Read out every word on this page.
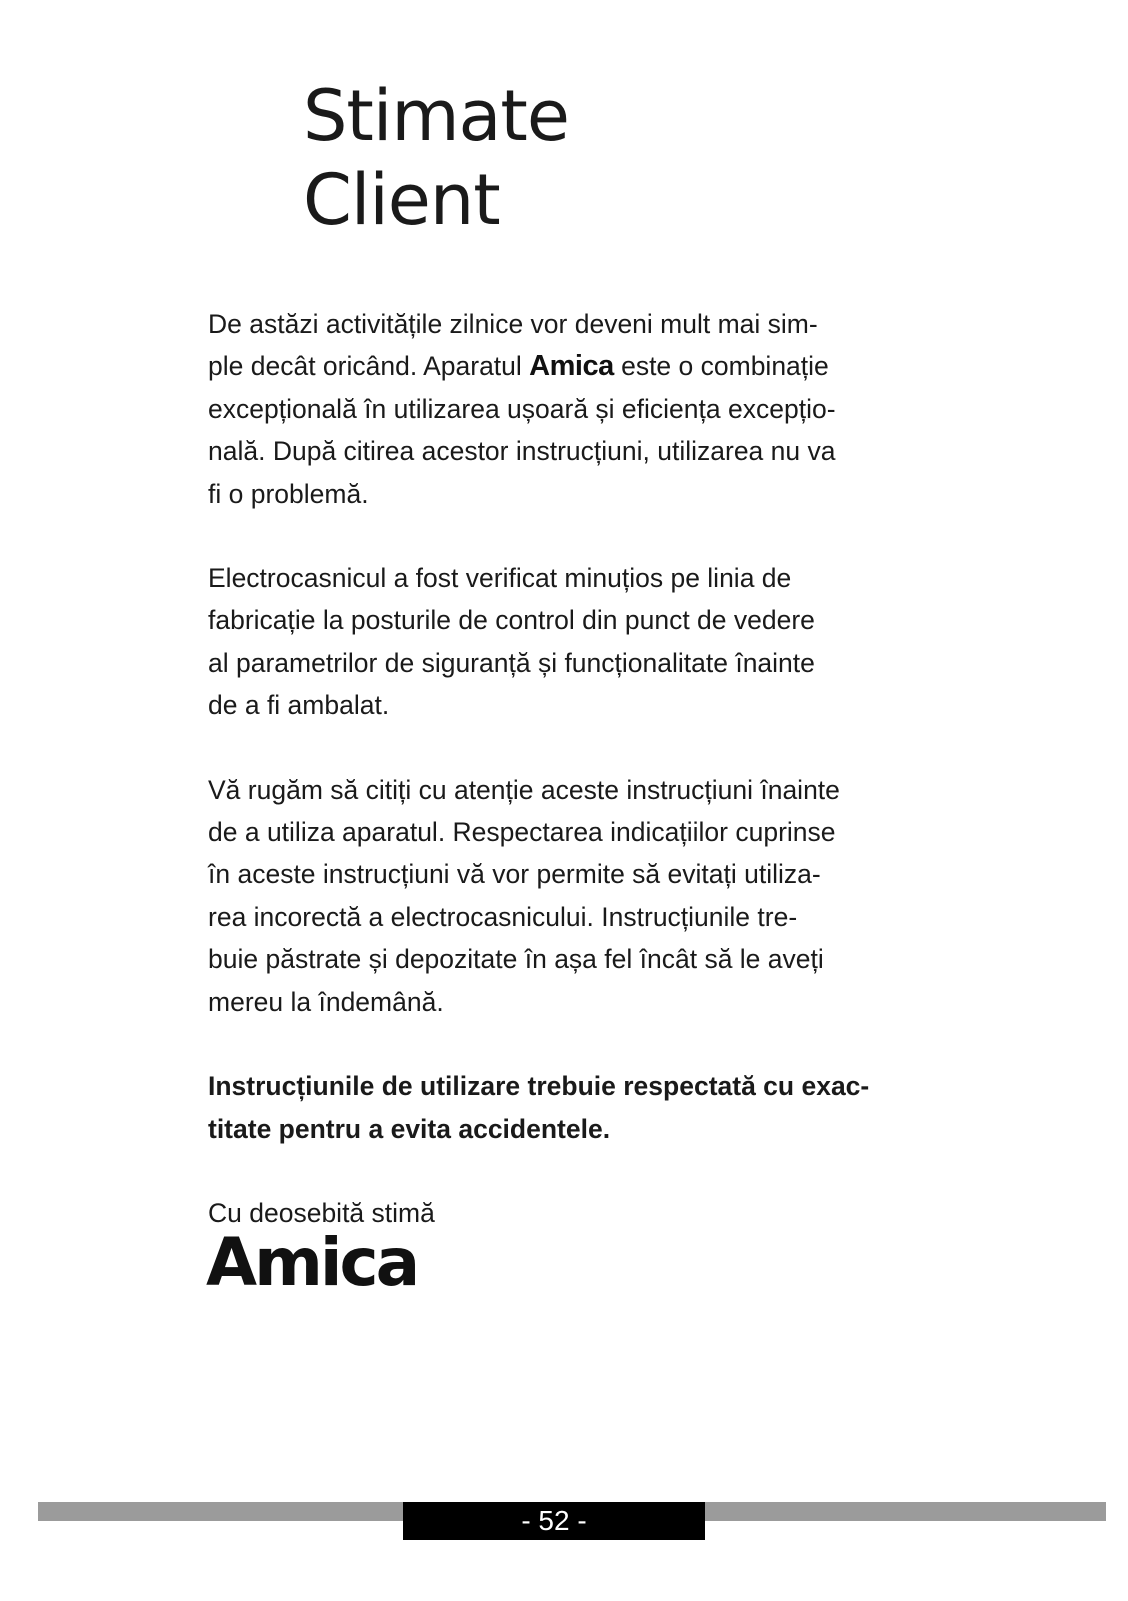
Stimate
Client

De astăzi activitățile zilnice vor deveni mult mai sim-
ple decât oricând. Aparatul Amica este o combinație
excepțională în utilizarea ușoară și eficiența excepțio-
nală. După citirea acestor instrucțiuni, utilizarea nu va
fi o problemă.

Electrocasnicul a fost verificat minuțios pe linia de
fabricație la posturile de control din punct de vedere
al parametrilor de siguranță și funcționalitate înainte
de a fi ambalat.

Vă rugăm să citiți cu atenție aceste instrucțiuni înainte
de a utiliza aparatul. Respectarea indicațiilor cuprinse
în aceste instrucțiuni vă vor permite să evitați utiliza-
rea incorectă a electrocasnicului. Instrucțiunile tre-
buie păstrate și depozitate în așa fel încât să le aveți
mereu la îndemână.

Instrucțiunile de utilizare trebuie respectată cu exac-
titate pentru a evita accidentele.

Cu deosebită stimă

Amica
- 52 -
